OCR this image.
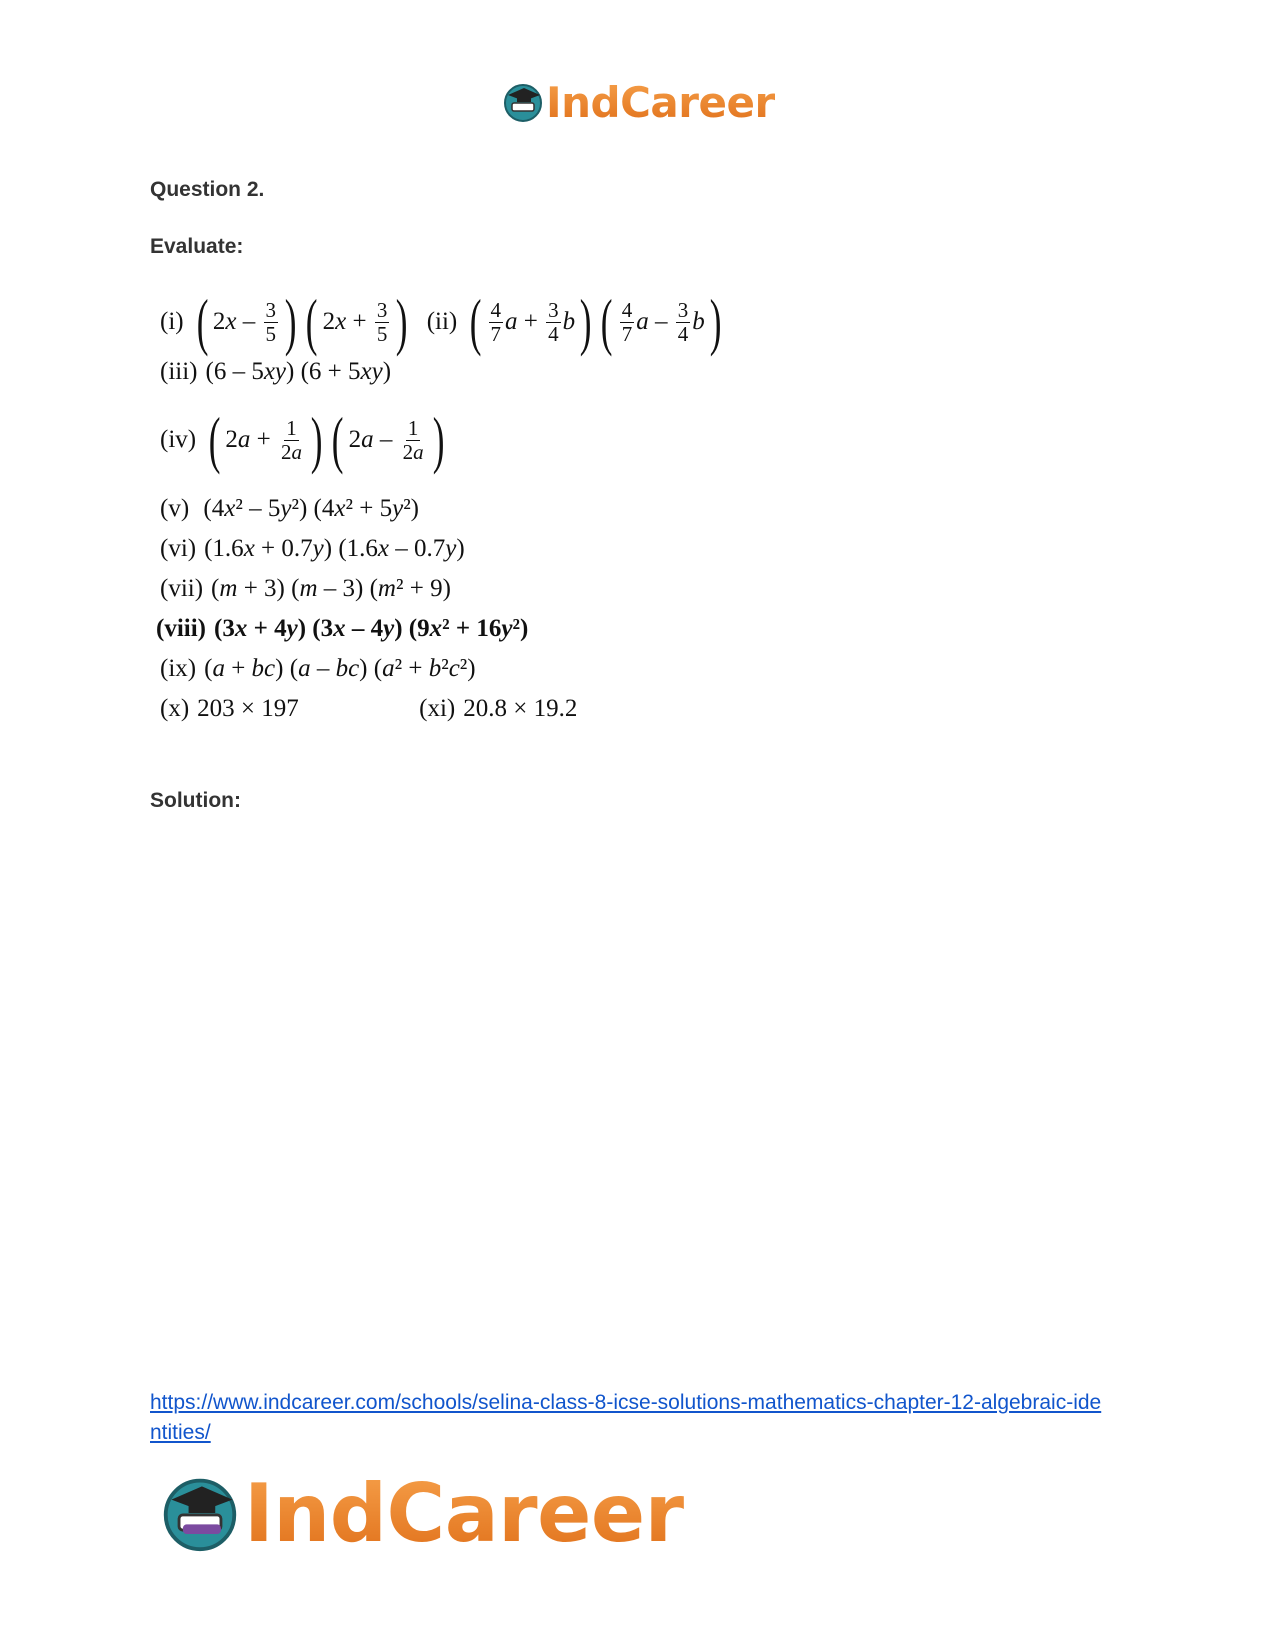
IndCareer
Question 2.
Evaluate:
(i) ( 2 x – $\frac{3}{5}$ ) ( 2 $x + \frac{3}{5}$ ) (ii) ( $\frac{4}{7}$ $a + \frac{3}{4}$ b ) ( $\frac{4}{7}$ a – $\frac{3}{4}$ b )
(iii) (6 – 5xy) (6 + 5xy)
(iv) ( 2 $a + \frac{1}{2a}$ ) ( 2 a – $\frac{1}{2a}$ )
(v) (4x² – 5y²) (4x² + 5y²)
(vi) (1.6x + 0.7y) (1.6x – 0.7y)
(vii) (m + 3) (m – 3) (m² + 9)
(viii) (3x + 4y) (3x – 4y) (9x² + 16y²)
(ix) (a + bc) (a – bc) (a² + b²c²)
(x) 203 × 197	(xi) 20.8 × 19.2
Solution:
https://www.indcareer.com/schools/selina-class-8-icse-solutions-mathematics-chapter-12-algebraic-identities/
IndCareer
